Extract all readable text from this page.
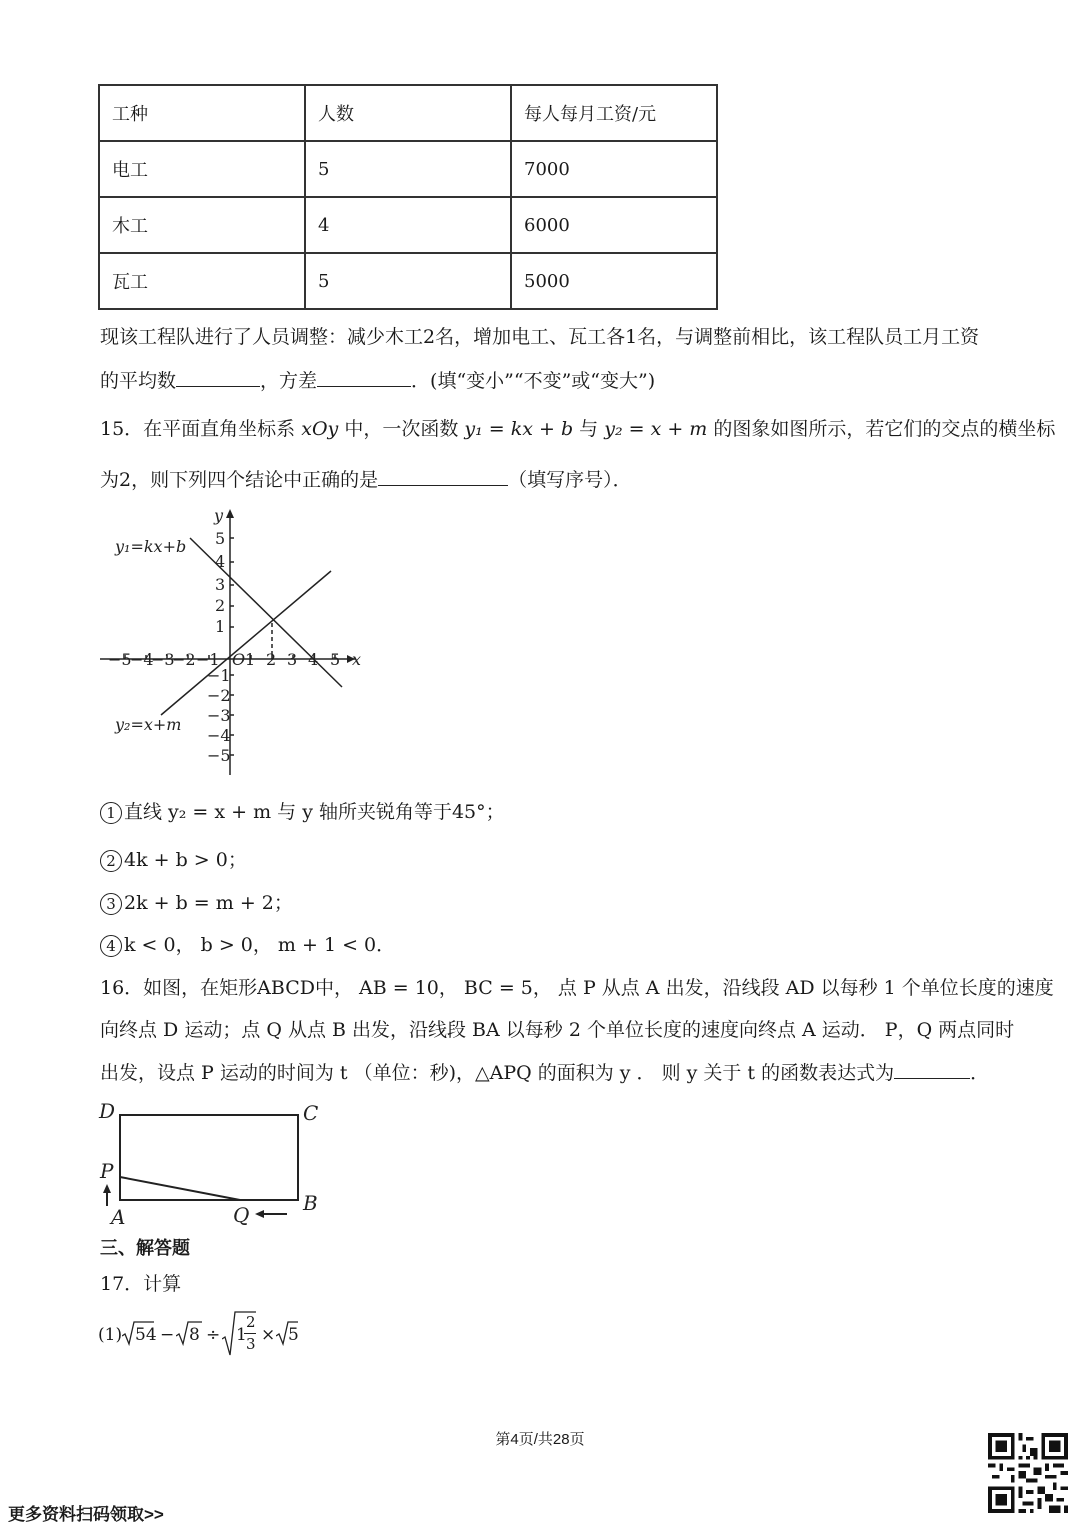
工种	人数	每人每月工资/元
电工	5	7000
木工	4	6000
瓦工	5	5000
现该工程队进行了人员调整：减少木工2名，增加电工、瓦工各1名，与调整前相比，该工程队员工月工资
的平均数	，方差	．(填“变小”“不变”或“变大”)
15．在平面直角坐标系 xOy 中，一次函数 y₁ = kx + b 与 y₂ = x + m 的图象如图所示，若它们的交点的横坐标
为2，则下列四个结论中正确的是	（填写序号）．
y₁=kx+b
y₂=x+m
x
y
O
−5
−4
−3
−2 −1 1 2 3 4 5
5
4
3
2
1
−1
−2
−3
−4
−5
1 直线 y₂ = x + m 与 y 轴所夹锐角等于45°；
2 4k + b > 0；
3 2k + b = m + 2；
4 k < 0， b > 0， m + 1 < 0．
16．如图，在矩形ABCD中， AB = 10， BC = 5， 点 P 从点 A 出发，沿线段 AD 以每秒 1 个单位长度的速度
向终点 D 运动；点 Q 从点 B 出发，沿线段 BA 以每秒 2 个单位长度的速度向终点 A 运动． P，Q 两点同时
出发，设点 P 运动的时间为 t （单位：秒)，△APQ 的面积为 y ． 则 y 关于 t 的函数表达式为	．
D	C
P
A	Q	B
三、解答题
17．计算
(1) 54 − 8 ÷ 1
2
3 × 5
第4页/共28页
更多资料扫码领取>>
